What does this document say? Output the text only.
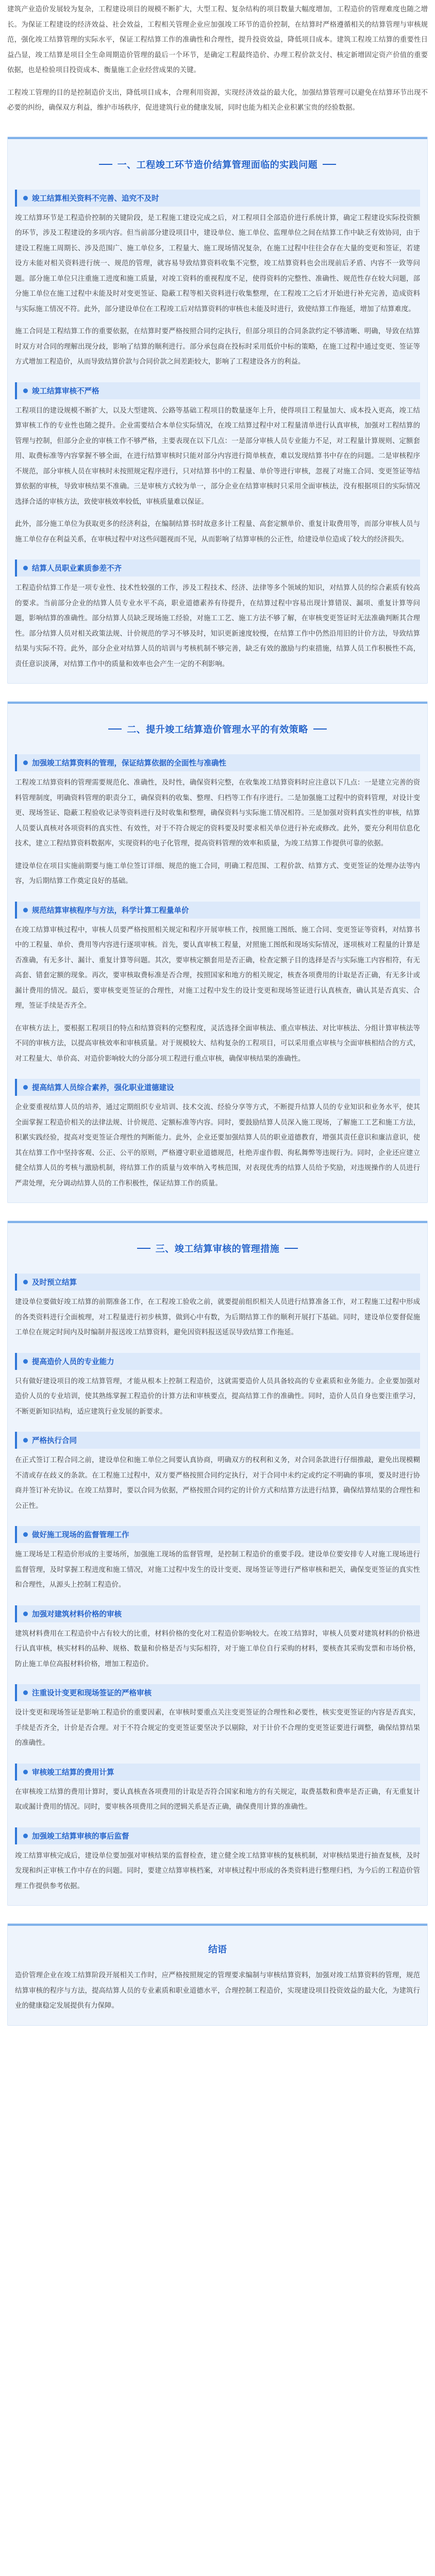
建筑产业造价发展较为复杂，工程建设项目的规模不断扩大，大型工程、复杂结构的项目数量大幅度增加，工程造价的管理难度也随之增长。为保证工程建设的经济效益、社会效益，工程相关管理企业应加强竣工环节的造价控制，在结算时严格遵循相关的结算管理与审核规范，强化竣工结算管理的实际水平，保证工程结算工作的准确性和合理性，提升投资效益，降低项目成本。建筑工程竣工结算的重要性日益凸显，竣工结算是项目全生命周期造价管理的最后一个环节，是确定工程最终造价、办理工程价款支付、核定新增固定资产价值的重要依据，也是检验项目投资成本、衡量施工企业经营成果的关键。

工程竣工管理的目的是控制造价支出，降低项目成本，合理利用资源，实现经济效益的最大化，加强结算管理可以避免在结算环节出现不必要的纠纷，确保双方利益，维护市场秩序，促进建筑行业的健康发展，同时也能为相关企业积累宝贵的经验数据。

一、工程竣工环节造价结算管理面临的实践问题
竣工结算相关资料不完善、追究不及时

竣工结算环节是工程造价控制的关键阶段，是工程施工建设完成之后，对工程项目全部造价进行系统计算，确定工程建设实际投资额的环节，涉及工程建设的多项内容。但当前部分建设项目中，建设单位、施工单位、监理单位之间在结算工作中缺乏有效协同，由于建设工程施工周期长、涉及范围广、施工单位多，工程量大、施工现场情况复杂，在施工过程中往往会存在大量的变更和签证，若建设方未能对相关资料进行统一、规范的管理，就容易导致结算资料收集不完整，竣工结算资料也会出现前后矛盾、内容不一致等问题。部分施工单位只注重施工进度和施工质量，对竣工资料的重视程度不足，使得资料的完整性、准确性、规范性存在较大问题，部分施工单位在施工过程中未能及时对变更签证、隐蔽工程等相关资料进行收集整理，在工程竣工之后才开始进行补充完善，造成资料与实际施工情况不符。此外，部分建设单位在工程竣工后对结算资料的审核也未能及时进行，致使结算工作拖延，增加了结算难度。

施工合同是工程结算工作的重要依据，在结算时要严格按照合同约定执行，但部分项目的合同条款约定不够清晰、明确，导致在结算时双方对合同的理解出现分歧，影响了结算的顺利进行。部分承包商在投标时采用低价中标的策略，在施工过程中通过变更、签证等方式增加工程造价，从而导致结算价款与合同价款之间差距较大，影响了工程建设各方的利益。

竣工结算审核不严格

工程项目的建设规模不断扩大，以及大型建筑、公路等基础工程项目的数量逐年上升，使得项目工程量加大、成本投入更高，竣工结算审核工作的专业性也随之提升。企业需要结合本单位实际情况，在竣工结算过程中对工程量清单进行认真审核，加强对工程结算的管理与控制，但部分企业的审核工作不够严格，主要表现在以下几点：一是部分审核人员专业能力不足，对工程量计算规则、定额套用、取费标准等内容掌握不够全面，在进行结算审核时只能对部分内容进行简单核查，难以发现结算书中存在的问题。二是审核程序不规范，部分审核人员在审核时未按照规定程序进行，只对结算书中的工程量、单价等进行审核，忽视了对施工合同、变更签证等结算依据的审核，导致审核结果不准确。三是审核方式较为单一，部分企业在结算审核时只采用全面审核法，没有根据项目的实际情况选择合适的审核方法，致使审核效率较低，审核质量难以保证。

此外，部分施工单位为获取更多的经济利益，在编制结算书时故意多计工程量、高套定额单价、重复计取费用等，而部分审核人员与施工单位存在利益关系，在审核过程中对这些问题视而不见，从而影响了结算审核的公正性，给建设单位造成了较大的经济损失。

结算人员职业素质参差不齐

工程造价结算工作是一项专业性、技术性较强的工作，涉及工程技术、经济、法律等多个领域的知识，对结算人员的综合素质有较高的要求。当前部分企业的结算人员专业水平不高，职业道德素养有待提升，在结算过程中容易出现计算错误、漏项、重复计算等问题，影响结算的准确性。部分结算人员缺乏现场施工经验，对施工工艺、施工方法不够了解，在审核变更签证时无法准确判断其合理性。部分结算人员对相关政策法规、计价规范的学习不够及时，知识更新速度较慢，在结算工作中仍然沿用旧的计价方法，导致结算结果与实际不符。此外，部分企业对结算人员的培训与考核机制不够完善，缺乏有效的激励与约束措施，结算人员工作积极性不高，责任意识淡薄，对结算工作中的质量和效率也会产生一定的不利影响。

二、提升竣工结算造价管理水平的有效策略
加强竣工结算资料的管理，保证结算依据的全面性与准确性

工程竣工结算资料的管理需要规范化、准确性，及时性，确保资料完整，在收集竣工结算资料时应注意以下几点：一是建立完善的资料管理制度，明确资料管理的职责分工，确保资料的收集、整理、归档等工作有序进行。二是加强施工过程中的资料管理，对设计变更、现场签证、隐蔽工程验收记录等资料进行及时收集和整理，确保资料与实际施工情况相符。三是加强对资料真实性的审核，结算人员要认真核对各项资料的真实性、有效性，对于不符合规定的资料要及时要求相关单位进行补充或修改。此外，要充分利用信息化技术，建立工程结算资料数据库，实现资料的电子化管理，提高资料管理的效率和质量，为竣工结算工作提供可靠的依据。

建设单位在项目实施前期要与施工单位签订详细、规范的施工合同，明确工程范围、工程价款、结算方式、变更签证的处理办法等内容，为后期结算工作奠定良好的基础。

规范结算审核程序与方法，科学计算工程量单价

在竣工结算审核过程中，审核人员要严格按照相关规定和程序开展审核工作，按照施工图纸、施工合同、变更签证等资料，对结算书中的工程量、单价、费用等内容进行逐项审核。首先，要认真审核工程量，对照施工图纸和现场实际情况，逐项核对工程量的计算是否准确，有无多计、漏计、重复计算等问题。其次，要审核定额套用是否正确，检查定额子目的选择是否与实际施工内容相符，有无高套、错套定额的现象。再次，要审核取费标准是否合理，按照国家和地方的相关规定，核查各项费用的计取是否正确，有无多计或漏计费用的情况。最后，要审核变更签证的合理性，对施工过程中发生的设计变更和现场签证进行认真核查，确认其是否真实、合理，签证手续是否齐全。

在审核方法上，要根据工程项目的特点和结算资料的完整程度，灵活选择全面审核法、重点审核法、对比审核法、分组计算审核法等不同的审核方法，以提高审核效率和审核质量。对于规模较大、结构复杂的工程项目，可以采用重点审核与全面审核相结合的方式，对工程量大、单价高、对造价影响较大的分部分项工程进行重点审核，确保审核结果的准确性。

提高结算人员综合素养，强化职业道德建设

企业要重视结算人员的培养，通过定期组织专业培训、技术交流、经验分享等方式，不断提升结算人员的专业知识和业务水平，使其全面掌握工程造价相关的法律法规、计价规范、定额标准等内容。同时，要鼓励结算人员深入施工现场，了解施工工艺和施工方法，积累实践经验，提高对变更签证合理性的判断能力。此外，企业还要加强结算人员的职业道德教育，增强其责任意识和廉洁意识，使其在结算工作中坚持客观、公正、公平的原则，严格遵守职业道德规范，杜绝弄虚作假、徇私舞弊等违规行为。同时，企业还应建立健全结算人员的考核与激励机制，将结算工作的质量与效率纳入考核范围，对表现优秀的结算人员给予奖励，对违规操作的人员进行严肃处理，充分调动结算人员的工作积极性，保证结算工作的质量。

三、竣工结算审核的管理措施
及时预立结算

建设单位要做好竣工结算的前期准备工作，在工程竣工验收之前，就要提前组织相关人员进行结算准备工作，对工程施工过程中形成的各类资料进行全面梳理，对工程量进行初步核算，做到心中有数，为后期结算工作的顺利开展打下基础。同时，建设单位要督促施工单位在规定时间内及时编制并报送竣工结算资料，避免因资料报送延误导致结算工作拖延。

提高造价人员的专业能力

只有做好建设项目的竣工结算管理，才能从根本上控制工程造价，这就需要造价人员具备较高的专业素质和业务能力。企业要加强对造价人员的专业培训，使其熟练掌握工程造价的计算方法和审核要点，提高结算工作的准确性。同时，造价人员自身也要注重学习，不断更新知识结构，适应建筑行业发展的新要求。

严格执行合同

在正式签订工程合同之前，建设单位和施工单位之间要认真协商，明确双方的权利和义务，对合同条款进行仔细推敲，避免出现模糊不清或存在歧义的条款。在工程施工过程中，双方要严格按照合同约定执行，对于合同中未约定或约定不明确的事项，要及时进行协商并签订补充协议。在竣工结算时，要以合同为依据，严格按照合同约定的计价方式和结算方法进行结算，确保结算结果的合理性和公正性。

做好施工现场的监督管理工作

施工现场是工程造价形成的主要场所，加强施工现场的监督管理，是控制工程造价的重要手段。建设单位要安排专人对施工现场进行监督管理，及时掌握工程进度和施工情况，对施工过程中发生的设计变更、现场签证等进行严格审核和把关，确保变更签证的真实性和合理性，从源头上控制工程造价。

加强对建筑材料价格的审核

建筑材料费用在工程造价中占有较大的比重，材料价格的变化对工程造价影响较大。在竣工结算时，审核人员要对建筑材料的价格进行认真审核，核实材料的品种、规格、数量和价格是否与实际相符，对于施工单位自行采购的材料，要核查其采购发票和市场价格，防止施工单位高报材料价格，增加工程造价。

注重设计变更和现场签证的严格审核

设计变更和现场签证是影响工程造价的重要因素，在审核时要重点关注变更签证的合理性和必要性，核实变更签证的内容是否真实，手续是否齐全，计价是否合理。对于不符合规定的变更签证要坚决予以剔除，对于计价不合理的变更签证要进行调整，确保结算结果的准确性。

审核竣工结算的费用计算

在审核竣工结算的费用计算时，要认真核查各项费用的计取是否符合国家和地方的有关规定，取费基数和费率是否正确，有无重复计取或漏计费用的情况。同时，要审核各项费用之间的逻辑关系是否正确，确保费用计算的准确性。

加强竣工结算审核的事后监督

竣工结算审核完成后，建设单位要加强对审核结果的监督检查，建立健全竣工结算审核的复核机制，对审核结果进行抽查复核，及时发现和纠正审核工作中存在的问题。同时，要建立结算审核档案，对审核过程中形成的各类资料进行整理归档，为今后的工程造价管理工作提供参考依据。

结语

造价管理企业在竣工结算阶段开展相关工作时，应严格按照规定的管理要求编制与审核结算资料，加强对竣工结算资料的管理，规范结算审核的程序与方法，提高结算人员的专业素质和职业道德水平，合理控制工程造价，实现建设项目投资效益的最大化，为建筑行业的健康稳定发展提供有力保障。
